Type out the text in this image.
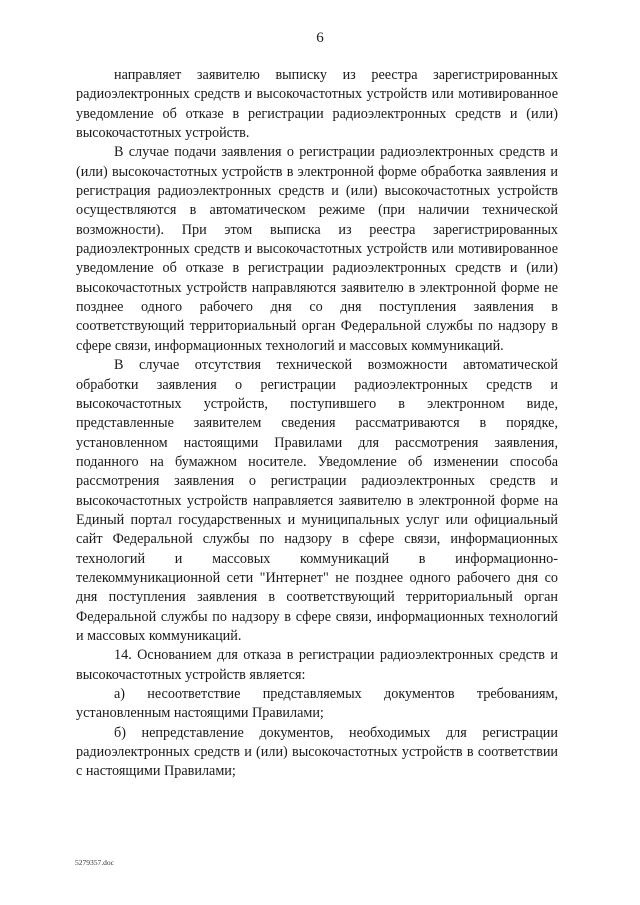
6

направляет заявителю выписку из реестра зарегистрированных радиоэлектронных средств и высокочастотных устройств или мотивированное уведомление об отказе в регистрации радиоэлектронных средств и (или) высокочастотных устройств.

В случае подачи заявления о регистрации радиоэлектронных средств и (или) высокочастотных устройств в электронной форме обработка заявления и регистрация радиоэлектронных средств и (или) высокочастотных устройств осуществляются в автоматическом режиме (при наличии технической возможности). При этом выписка из реестра зарегистрированных радиоэлектронных средств и высокочастотных устройств или мотивированное уведомление об отказе в регистрации радиоэлектронных средств и (или) высокочастотных устройств направляются заявителю в электронной форме не позднее одного рабочего дня со дня поступления заявления в соответствующий территориальный орган Федеральной службы по надзору в сфере связи, информационных технологий и массовых коммуникаций.

В случае отсутствия технической возможности автоматической обработки заявления о регистрации радиоэлектронных средств и высокочастотных устройств, поступившего в электронном виде, представленные заявителем сведения рассматриваются в порядке, установленном настоящими Правилами для рассмотрения заявления, поданного на бумажном носителе. Уведомление об изменении способа рассмотрения заявления о регистрации радиоэлектронных средств и высокочастотных устройств направляется заявителю в электронной форме на Единый портал государственных и муниципальных услуг или официальный сайт Федеральной службы по надзору в сфере связи, информационных технологий и массовых коммуникаций в информационно-телекоммуникационной сети "Интернет" не позднее одного рабочего дня со дня поступления заявления в соответствующий территориальный орган Федеральной службы по надзору в сфере связи, информационных технологий и массовых коммуникаций.

14. Основанием для отказа в регистрации радиоэлектронных средств и высокочастотных устройств является:

а) несоответствие представляемых документов требованиям, установленным настоящими Правилами;

б) непредставление документов, необходимых для регистрации радиоэлектронных средств и (или) высокочастотных устройств в соответствии с настоящими Правилами;

5279357.doc
